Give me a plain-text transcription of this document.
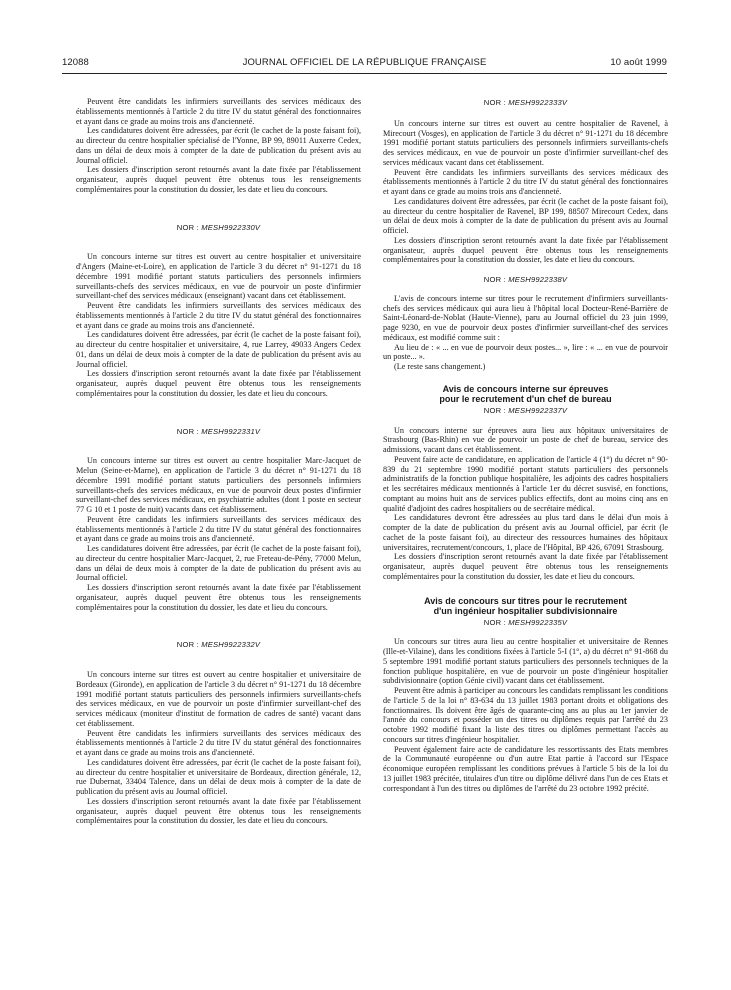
12088	JOURNAL OFFICIEL DE LA RÉPUBLIQUE FRANÇAISE	10 août 1999

Peuvent être candidats les infirmiers surveillants des services médicaux des établissements mentionnés à l'article 2 du titre IV du statut général des fonctionnaires et ayant dans ce grade au moins trois ans d'ancienneté.

Les candidatures doivent être adressées, par écrit (le cachet de la poste faisant foi), au directeur du centre hospitalier spécialisé de l'Yonne, BP 99, 89011 Auxerre Cedex, dans un délai de deux mois à compter de la date de publication du présent avis au Journal officiel.

Les dossiers d'inscription seront retournés avant la date fixée par l'établissement organisateur, auprès duquel peuvent être obtenus tous les renseignements complémentaires pour la constitution du dossier, les date et lieu du concours.

NOR : MESH9922330V

Un concours interne sur titres est ouvert au centre hospitalier et universitaire d'Angers (Maine-et-Loire), en application de l'article 3 du décret n° 91-1271 du 18 décembre 1991 modifié portant statuts particuliers des personnels infirmiers surveillants-chefs des services médicaux, en vue de pourvoir un poste d'infirmier surveillant-chef des services médicaux (enseignant) vacant dans cet établissement.

Peuvent être candidats les infirmiers surveillants des services médicaux des établissements mentionnés à l'article 2 du titre IV du statut général des fonctionnaires et ayant dans ce grade au moins trois ans d'ancienneté.

Les candidatures doivent être adressées, par écrit (le cachet de la poste faisant foi), au directeur du centre hospitalier et universitaire, 4, rue Larrey, 49033 Angers Cedex 01, dans un délai de deux mois à compter de la date de publication du présent avis au Journal officiel.

Les dossiers d'inscription seront retournés avant la date fixée par l'établissement organisateur, auprès duquel peuvent être obtenus tous les renseignements complémentaires pour la constitution du dossier, les date et lieu du concours.

NOR : MESH9922331V

Un concours interne sur titres est ouvert au centre hospitalier Marc-Jacquet de Melun (Seine-et-Marne), en application de l'article 3 du décret n° 91-1271 du 18 décembre 1991 modifié portant statuts particuliers des personnels infirmiers surveillants-chefs des services médicaux, en vue de pourvoir deux postes d'infirmier surveillant-chef des services médicaux, en psychiatrie adultes (dont 1 poste en secteur 77 G 10 et 1 poste de nuit) vacants dans cet établissement.

Peuvent être candidats les infirmiers surveillants des services médicaux des établissements mentionnés à l'article 2 du titre IV du statut général des fonctionnaires et ayant dans ce grade au moins trois ans d'ancienneté.

Les candidatures doivent être adressées, par écrit (le cachet de la poste faisant foi), au directeur du centre hospitalier Marc-Jacquet, 2, rue Freteau-de-Pény, 77000 Melun, dans un délai de deux mois à compter de la date de publication du présent avis au Journal officiel.

Les dossiers d'inscription seront retournés avant la date fixée par l'établissement organisateur, auprès duquel peuvent être obtenus tous les renseignements complémentaires pour la constitution du dossier, les date et lieu du concours.

NOR : MESH9922332V

Un concours interne sur titres est ouvert au centre hospitalier et universitaire de Bordeaux (Gironde), en application de l'article 3 du décret n° 91-1271 du 18 décembre 1991 modifié portant statuts particuliers des personnels infirmiers surveillants-chefs des services médicaux, en vue de pourvoir un poste d'infirmier surveillant-chef des services médicaux (moniteur d'institut de formation de cadres de santé) vacant dans cet établissement.

Peuvent être candidats les infirmiers surveillants des services médicaux des établissements mentionnés à l'article 2 du titre IV du statut général des fonctionnaires et ayant dans ce grade au moins trois ans d'ancienneté.

Les candidatures doivent être adressées, par écrit (le cachet de la poste faisant foi), au directeur du centre hospitalier et universitaire de Bordeaux, direction générale, 12, rue Dubernat, 33404 Talence, dans un délai de deux mois à compter de la date de publication du présent avis au Journal officiel.

Les dossiers d'inscription seront retournés avant la date fixée par l'établissement organisateur, auprès duquel peuvent être obtenus tous les renseignements complémentaires pour la constitution du dossier, les date et lieu du concours.

NOR : MESH9922333V

Un concours interne sur titres est ouvert au centre hospitalier de Ravenel, à Mirecourt (Vosges), en application de l'article 3 du décret n° 91-1271 du 18 décembre 1991 modifié portant statuts particuliers des personnels infirmiers surveillants-chefs des services médicaux, en vue de pourvoir un poste d'infirmier surveillant-chef des services médicaux vacant dans cet établissement.

Peuvent être candidats les infirmiers surveillants des services médicaux des établissements mentionnés à l'article 2 du titre IV du statut général des fonctionnaires et ayant dans ce grade au moins trois ans d'ancienneté.

Les candidatures doivent être adressées, par écrit (le cachet de la poste faisant foi), au directeur du centre hospitalier de Ravenel, BP 199, 88507 Mirecourt Cedex, dans un délai de deux mois à compter de la date de publication du présent avis au Journal officiel.

Les dossiers d'inscription seront retournés avant la date fixée par l'établissement organisateur, auprès duquel peuvent être obtenus tous les renseignements complémentaires pour la constitution du dossier, les date et lieu du concours.

NOR : MESH9922338V

L'avis de concours interne sur titres pour le recrutement d'infirmiers surveillants-chefs des services médicaux qui aura lieu à l'hôpital local Docteur-René-Barrière de Saint-Léonard-de-Noblat (Haute-Vienne), paru au Journal officiel du 23 juin 1999, page 9230, en vue de pourvoir deux postes d'infirmier surveillant-chef des services médicaux, est modifié comme suit :

Au lieu de : « ... en vue de pourvoir deux postes... », lire : « ... en vue de pourvoir un poste... ».

(Le reste sans changement.)

Avis de concours interne sur épreuves
pour le recrutement d'un chef de bureau
NOR : MESH9922337V

Un concours interne sur épreuves aura lieu aux hôpitaux universitaires de Strasbourg (Bas-Rhin) en vue de pourvoir un poste de chef de bureau, service des admissions, vacant dans cet établissement.

Peuvent faire acte de candidature, en application de l'article 4 (1°) du décret n° 90-839 du 21 septembre 1990 modifié portant statuts particuliers des personnels administratifs de la fonction publique hospitalière, les adjoints des cadres hospitaliers et les secrétaires médicaux mentionnés à l'article 1er du décret susvisé, en fonctions, comptant au moins huit ans de services publics effectifs, dont au moins cinq ans en qualité d'adjoint des cadres hospitaliers ou de secrétaire médical.

Les candidatures devront être adressées au plus tard dans le délai d'un mois à compter de la date de publication du présent avis au Journal officiel, par écrit (le cachet de la poste faisant foi), au directeur des ressources humaines des hôpitaux universitaires, recrutement/concours, 1, place de l'Hôpital, BP 426, 67091 Strasbourg.

Les dossiers d'inscription seront retournés avant la date fixée par l'établissement organisateur, auprès duquel peuvent être obtenus tous les renseignements complémentaires pour la constitution du dossier, les date et lieu du concours.

Avis de concours sur titres pour le recrutement
d'un ingénieur hospitalier subdivisionnaire
NOR : MESH9922335V

Un concours sur titres aura lieu au centre hospitalier et universitaire de Rennes (Ille-et-Vilaine), dans les conditions fixées à l'article 5-I (1°, a) du décret n° 91-868 du 5 septembre 1991 modifié portant statuts particuliers des personnels techniques de la fonction publique hospitalière, en vue de pourvoir un poste d'ingénieur hospitalier subdivisionnaire (option Génie civil) vacant dans cet établissement.

Peuvent être admis à participer au concours les candidats remplissant les conditions de l'article 5 de la loi n° 83-634 du 13 juillet 1983 portant droits et obligations des fonctionnaires. Ils doivent être âgés de quarante-cinq ans au plus au 1er janvier de l'année du concours et posséder un des titres ou diplômes requis par l'arrêté du 23 octobre 1992 modifié fixant la liste des titres ou diplômes permettant l'accès au concours sur titres d'ingénieur hospitalier.

Peuvent également faire acte de candidature les ressortissants des Etats membres de la Communauté européenne ou d'un autre Etat partie à l'accord sur l'Espace économique européen remplissant les conditions prévues à l'article 5 bis de la loi du 13 juillet 1983 précitée, titulaires d'un titre ou diplôme délivré dans l'un de ces Etats et correspondant à l'un des titres ou diplômes de l'arrêté du 23 octobre 1992 précité.
